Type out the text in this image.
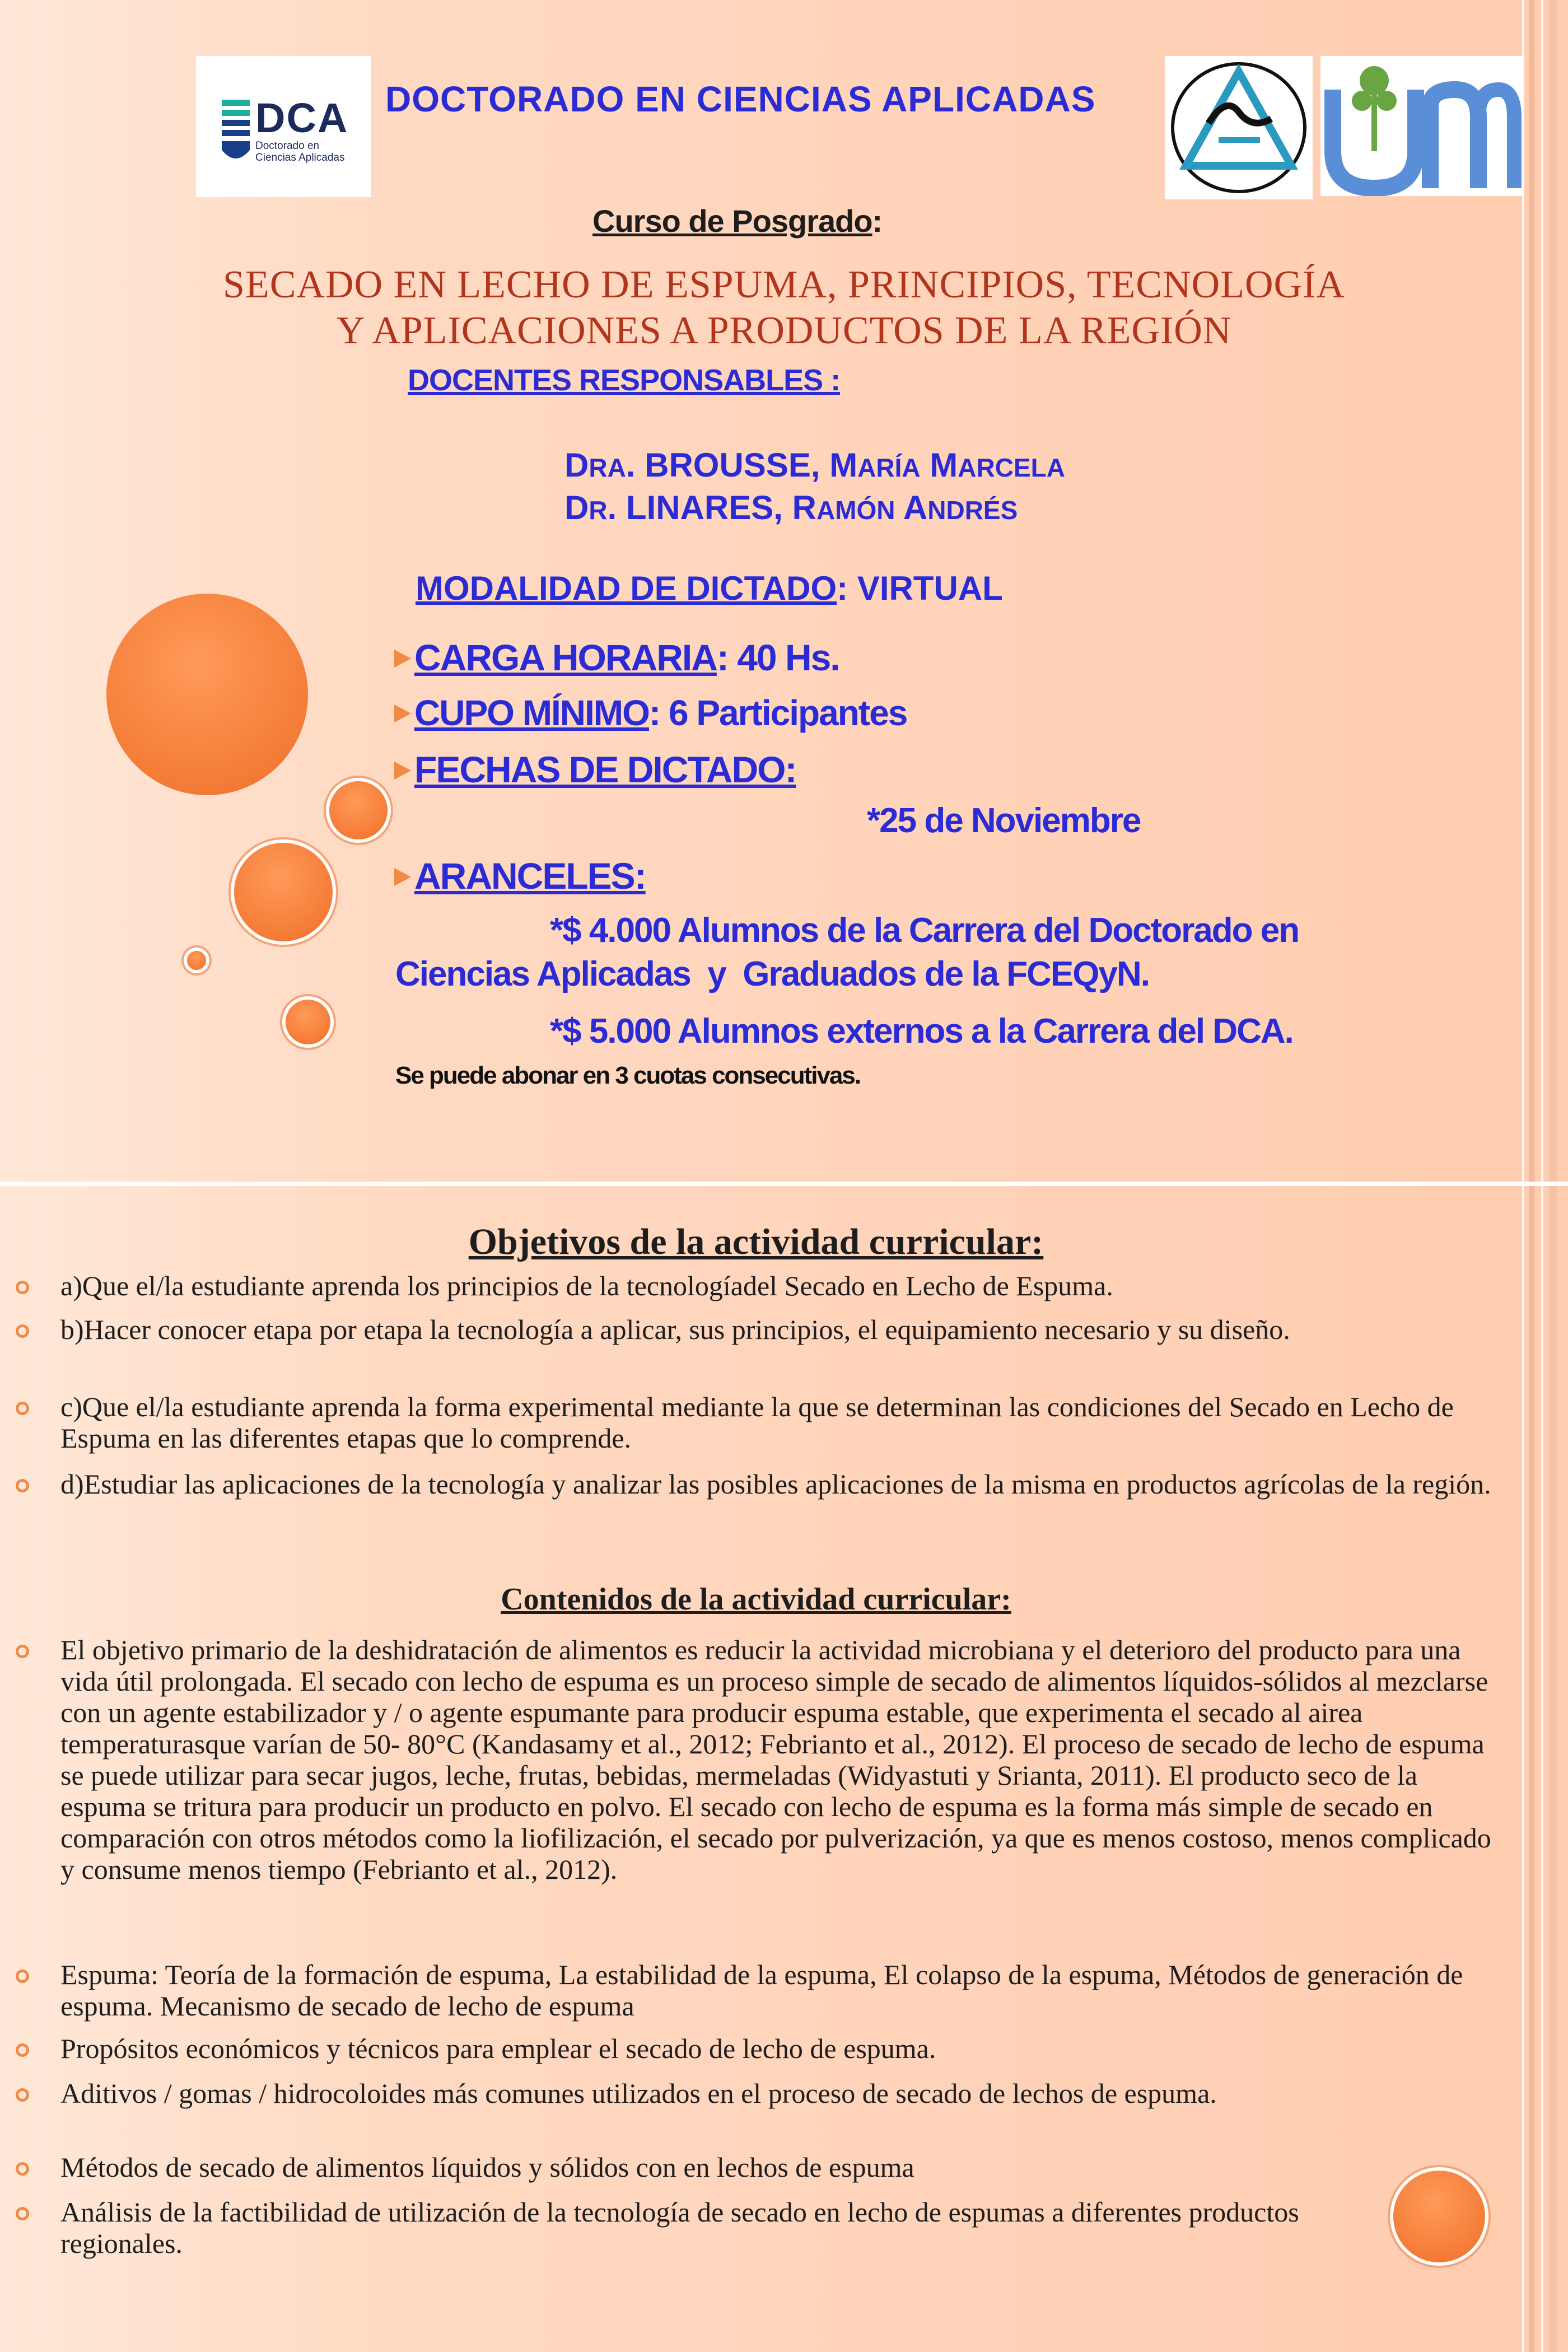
DCA
Doctorado en Ciencias Aplicadas
DOCTORADO EN CIENCIAS APLICADAS
Curso de Posgrado:
SECADO EN LECHO DE ESPUMA, PRINCIPIOS, TECNOLOGÍA
Y APLICACIONES A PRODUCTOS DE LA REGIÓN
DOCENTES RESPONSABLES :
DRA. BROUSSE, MARÍA MARCELA
DR. LINARES, RAMÓN ANDRÉS
MODALIDAD DE DICTADO: VIRTUAL
CARGA HORARIA: 40 Hs.
CUPO MÍNIMO: 6 Participantes
FECHAS DE DICTADO:
*25 de Noviembre
ARANCELES:
*$ 4.000 Alumnos de la Carrera del Doctorado en
Ciencias Aplicadas  y  Graduados de la FCEQyN.
*$ 5.000 Alumnos externos a la Carrera del DCA.
Se puede abonar en 3 cuotas consecutivas.
Objetivos de la actividad curricular:

a)Que el/la estudiante aprenda los principios de la tecnologíadel Secado en Lecho de Espuma.

b)Hacer conocer etapa por etapa la tecnología a aplicar, sus principios, el equipamiento necesario y su diseño.

c)Que el/la estudiante aprenda la forma experimental mediante la que se determinan las condiciones del Secado en Lecho de Espuma en las diferentes etapas que lo comprende.

d)Estudiar las aplicaciones de la tecnología y analizar las posibles aplicaciones de la misma en productos agrícolas de la región.

Contenidos de la actividad curricular:

El objetivo primario de la deshidratación de alimentos es reducir la actividad microbiana y el deterioro del producto para una vida útil prolongada. El secado con lecho de espuma es un proceso simple de secado de alimentos líquidos-sólidos al mezclarse con un agente estabilizador y / o agente espumante para producir espuma estable, que experimenta el secado al airea temperaturasque varían de 50- 80°C (Kandasamy et al., 2012; Febrianto et al., 2012). El proceso de secado de lecho de espuma se puede utilizar para secar jugos, leche, frutas, bebidas, mermeladas (Widyastuti y Srianta, 2011). El producto seco de la espuma se tritura para producir un producto en polvo. El secado con lecho de espuma es la forma más simple de secado en comparación con otros métodos como la liofilización, el secado por pulverización, ya que es menos costoso, menos complicado y consume menos tiempo (Febrianto et al., 2012).

Espuma: Teoría de la formación de espuma, La estabilidad de la espuma, El colapso de la espuma, Métodos de generación de espuma. Mecanismo de secado de lecho de espuma

Propósitos económicos y técnicos para emplear el secado de lecho de espuma.

Aditivos / gomas / hidrocoloides más comunes utilizados en el proceso de secado de lechos de espuma.

Métodos de secado de alimentos líquidos y sólidos con en lechos de espuma

Análisis de la factibilidad de utilización de la tecnología de secado en lecho de espumas a diferentes productos regionales.
